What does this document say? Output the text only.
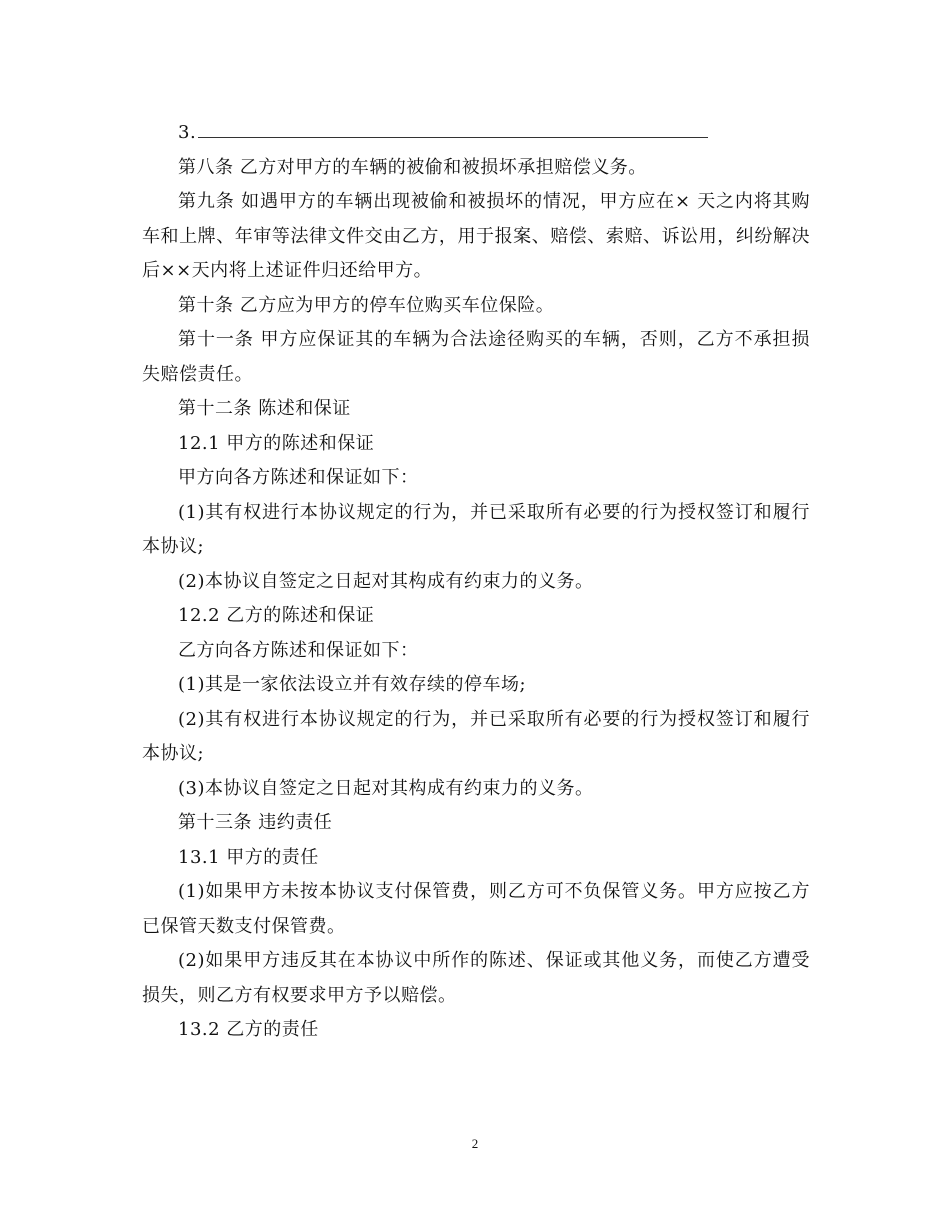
3.

第八条 乙方对甲方的车辆的被偷和被损坏承担赔偿义务。

第九条 如遇甲方的车辆出现被偷和被损坏的情况，甲方应在× 天之内将其购车和上牌、年审等法律文件交由乙方，用于报案、赔偿、索赔、诉讼用，纠纷解决后××天内将上述证件归还给甲方。

第十条 乙方应为甲方的停车位购买车位保险。

第十一条 甲方应保证其的车辆为合法途径购买的车辆，否则，乙方不承担损失赔偿责任。

第十二条 陈述和保证

12.1 甲方的陈述和保证

甲方向各方陈述和保证如下：

(1)其有权进行本协议规定的行为，并已采取所有必要的行为授权签订和履行本协议;

(2)本协议自签定之日起对其构成有约束力的义务。

12.2 乙方的陈述和保证

乙方向各方陈述和保证如下：

(1)其是一家依法设立并有效存续的停车场;

(2)其有权进行本协议规定的行为，并已采取所有必要的行为授权签订和履行本协议;

(3)本协议自签定之日起对其构成有约束力的义务。

第十三条 违约责任

13.1 甲方的责任

(1)如果甲方未按本协议支付保管费，则乙方可不负保管义务。甲方应按乙方已保管天数支付保管费。

(2)如果甲方违反其在本协议中所作的陈述、保证或其他义务，而使乙方遭受损失，则乙方有权要求甲方予以赔偿。

13.2 乙方的责任

2
